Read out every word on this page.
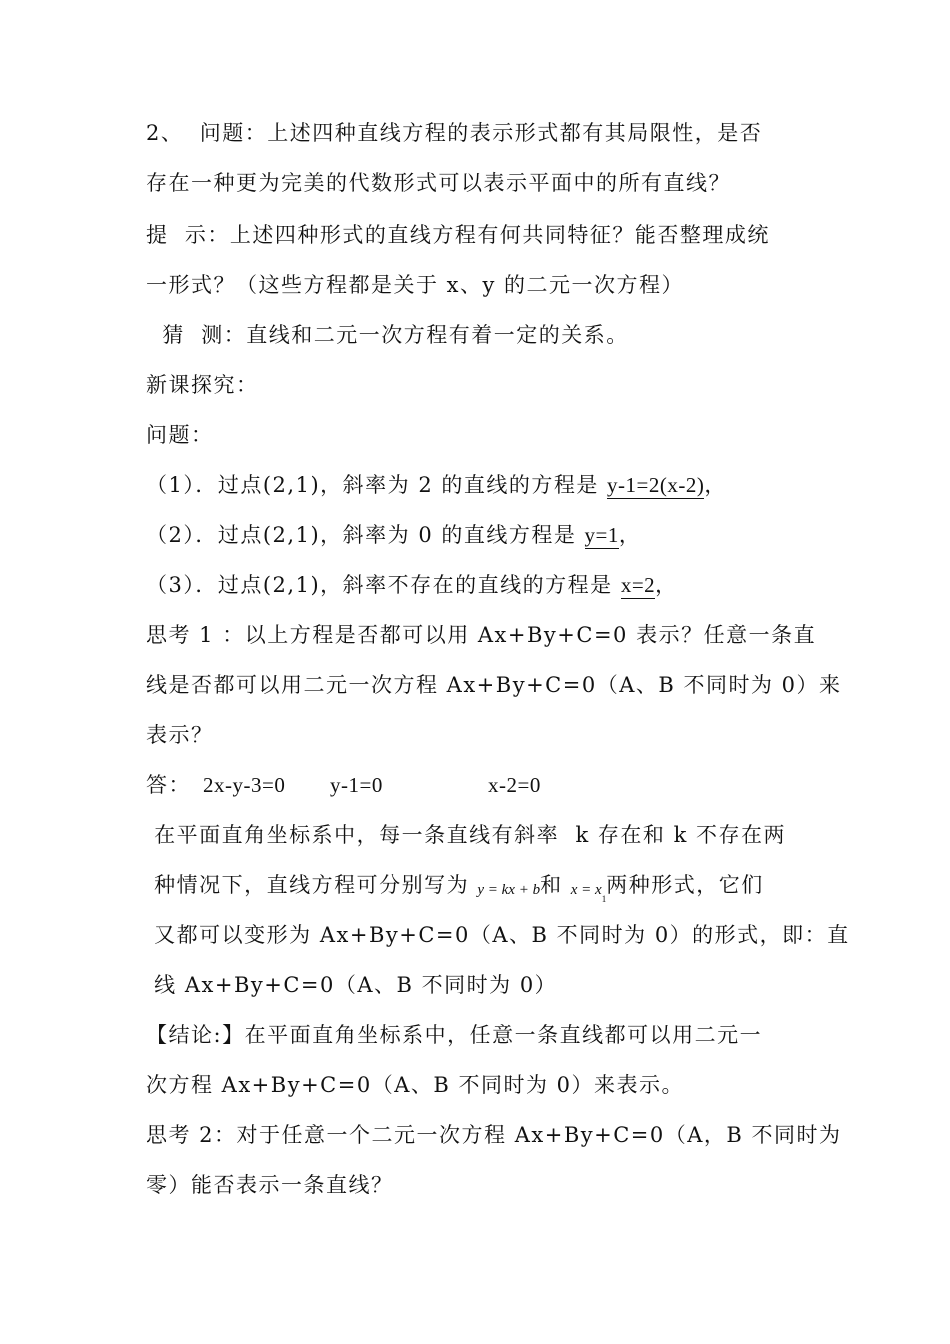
2、  问题：上述四种直线方程的表示形式都有其局限性，是否
存在一种更为完美的代数形式可以表示平面中的所有直线？
提  示：上述四种形式的直线方程有何共同特征？能否整理成统
一形式？（这些方程都是关于 x、y 的二元一次方程）
猜  测：直线和二元一次方程有着一定的关系。
新课探究：
问题：
（1）．过点(2,1)，斜率为 2 的直线的方程是 y-1=2(x-2)，
（2）．过点(2,1)，斜率为 0 的直线方程是 y=1，
（3）．过点(2,1)，斜率不存在的直线的方程是 x=2，
思考 1 ：以上方程是否都可以用 Ax+By+C=0 表示？任意一条直
线是否都可以用二元一次方程 Ax+By+C=0（A、B 不同时为 0）来
表示？
答： 2x-y-3=0 y-1=0	x-2=0
在平面直角坐标系中，每一条直线有斜率  k 存在和 k 不存在两
种情况下，直线方程可分别写为 y = kx + b和 $x = x_1$两种形式，它们
又都可以变形为 Ax+By+C=0（A、B 不同时为 0）的形式，即：直
线 Ax+By+C=0（A、B 不同时为 0）
【结论:】在平面直角坐标系中，任意一条直线都可以用二元一
次方程 Ax+By+C=0（A、B 不同时为 0）来表示。
思考 2：对于任意一个二元一次方程 Ax+By+C=0（A，B 不同时为
零）能否表示一条直线？
